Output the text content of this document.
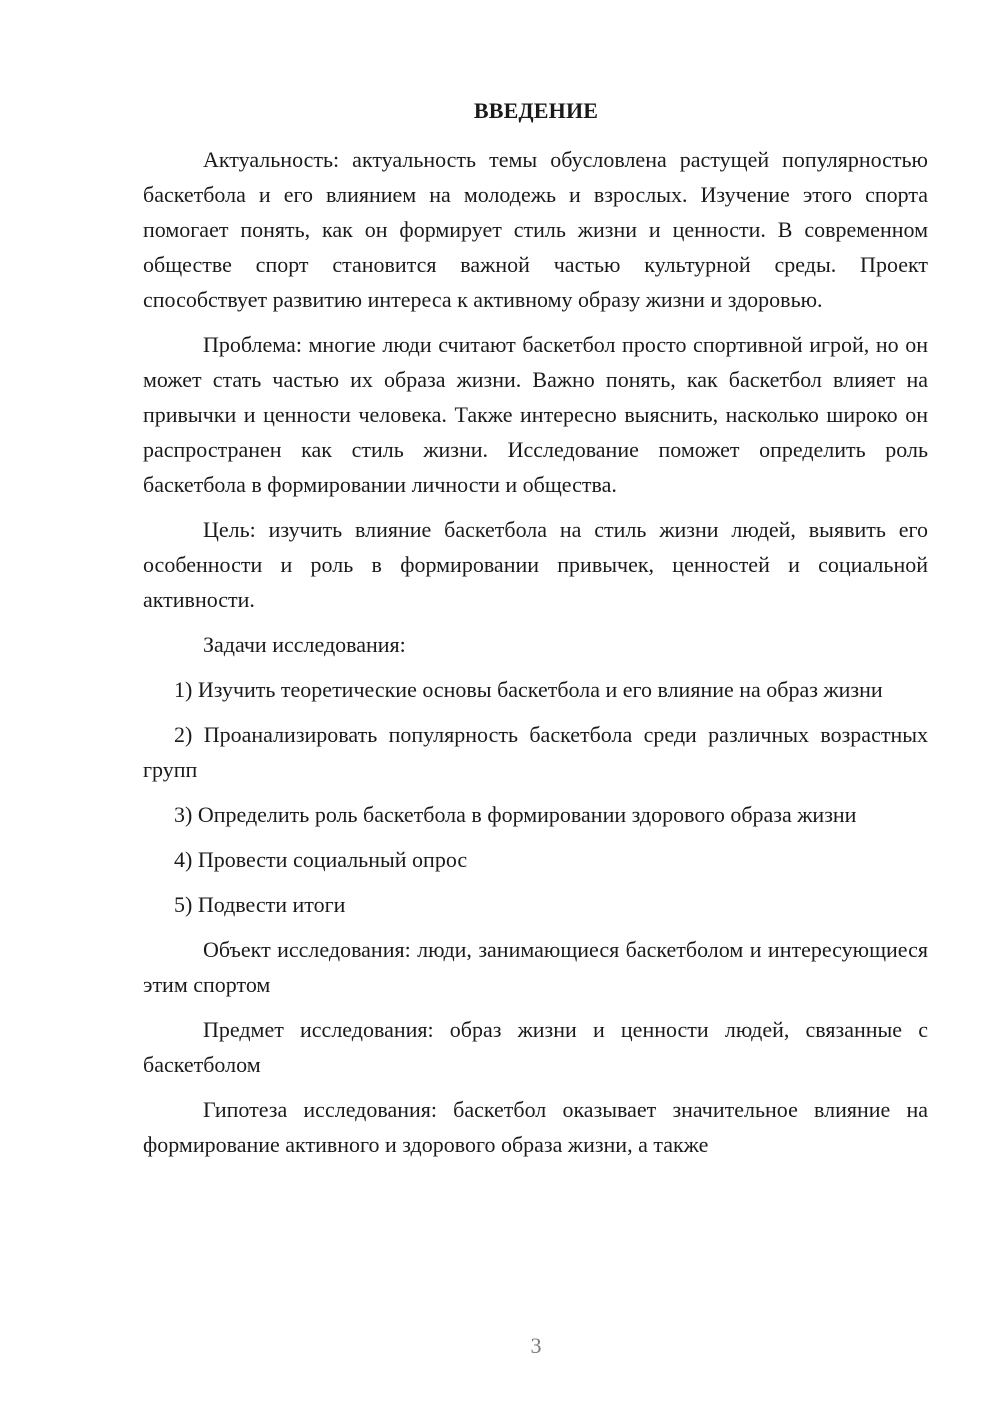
ВВЕДЕНИЕ

Актуальность: актуальность темы обусловлена растущей популярностью баскетбола и его влиянием на молодежь и взрослых. Изучение этого спорта помогает понять, как он формирует стиль жизни и ценности. В современном обществе спорт становится важной частью культурной среды. Проект способствует развитию интереса к активному образу жизни и здоровью.

Проблема: многие люди считают баскетбол просто спортивной игрой, но он может стать частью их образа жизни. Важно понять, как баскетбол влияет на привычки и ценности человека. Также интересно выяснить, насколько широко он распространен как стиль жизни. Исследование поможет определить роль баскетбола в формировании личности и общества.

Цель: изучить влияние баскетбола на стиль жизни людей, выявить его особенности и роль в формировании привычек, ценностей и социальной активности.

Задачи исследования:

1) Изучить теоретические основы баскетбола и его влияние на образ жизни

2) Проанализировать популярность баскетбола среди различных возрастных групп

3) Определить роль баскетбола в формировании здорового образа жизни

4) Провести социальный опрос

5) Подвести итоги

Объект исследования: люди, занимающиеся баскетболом и интересующиеся этим спортом

Предмет исследования: образ жизни и ценности людей, связанные с баскетболом

Гипотеза исследования: баскетбол оказывает значительное влияние на формирование активного и здорового образа жизни, а также

3
